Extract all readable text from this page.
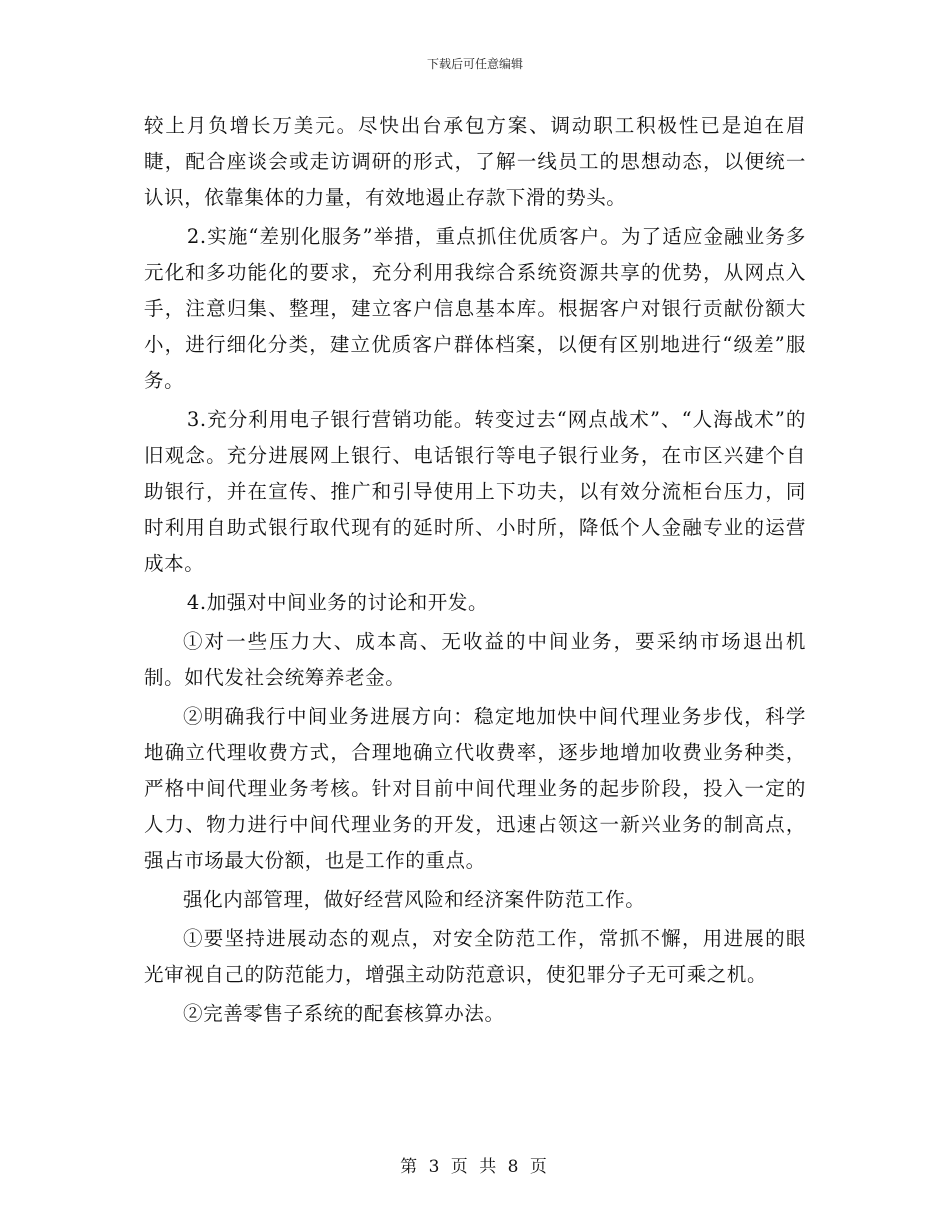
下载后可任意编辑

较上月负增长万美元。尽快出台承包方案、调动职工积极性已是迫在眉睫，配合座谈会或走访调研的形式，了解一线员工的思想动态，以便统一认识，依靠集体的力量，有效地遏止存款下滑的势头。

2.实施“差别化服务”举措，重点抓住优质客户。为了适应金融业务多元化和多功能化的要求，充分利用我综合系统资源共享的优势，从网点入手，注意归集、整理，建立客户信息基本库。根据客户对银行贡献份额大小，进行细化分类，建立优质客户群体档案，以便有区别地进行“级差”服务。

3.充分利用电子银行营销功能。转变过去“网点战术”、“人海战术”的旧观念。充分进展网上银行、电话银行等电子银行业务，在市区兴建个自助银行，并在宣传、推广和引导使用上下功夫，以有效分流柜台压力，同时利用自助式银行取代现有的延时所、小时所，降低个人金融专业的运营成本。

4.加强对中间业务的讨论和开发。

①对一些压力大、成本高、无收益的中间业务，要采纳市场退出机制。如代发社会统筹养老金。

②明确我行中间业务进展方向：稳定地加快中间代理业务步伐，科学地确立代理收费方式，合理地确立代收费率，逐步地增加收费业务种类，严格中间代理业务考核。针对目前中间代理业务的起步阶段，投入一定的人力、物力进行中间代理业务的开发，迅速占领这一新兴业务的制高点，强占市场最大份额，也是工作的重点。

强化内部管理，做好经营风险和经济案件防范工作。

①要坚持进展动态的观点，对安全防范工作，常抓不懈，用进展的眼光审视自己的防范能力，增强主动防范意识，使犯罪分子无可乘之机。

②完善零售子系统的配套核算办法。

第 3 页 共 8 页
